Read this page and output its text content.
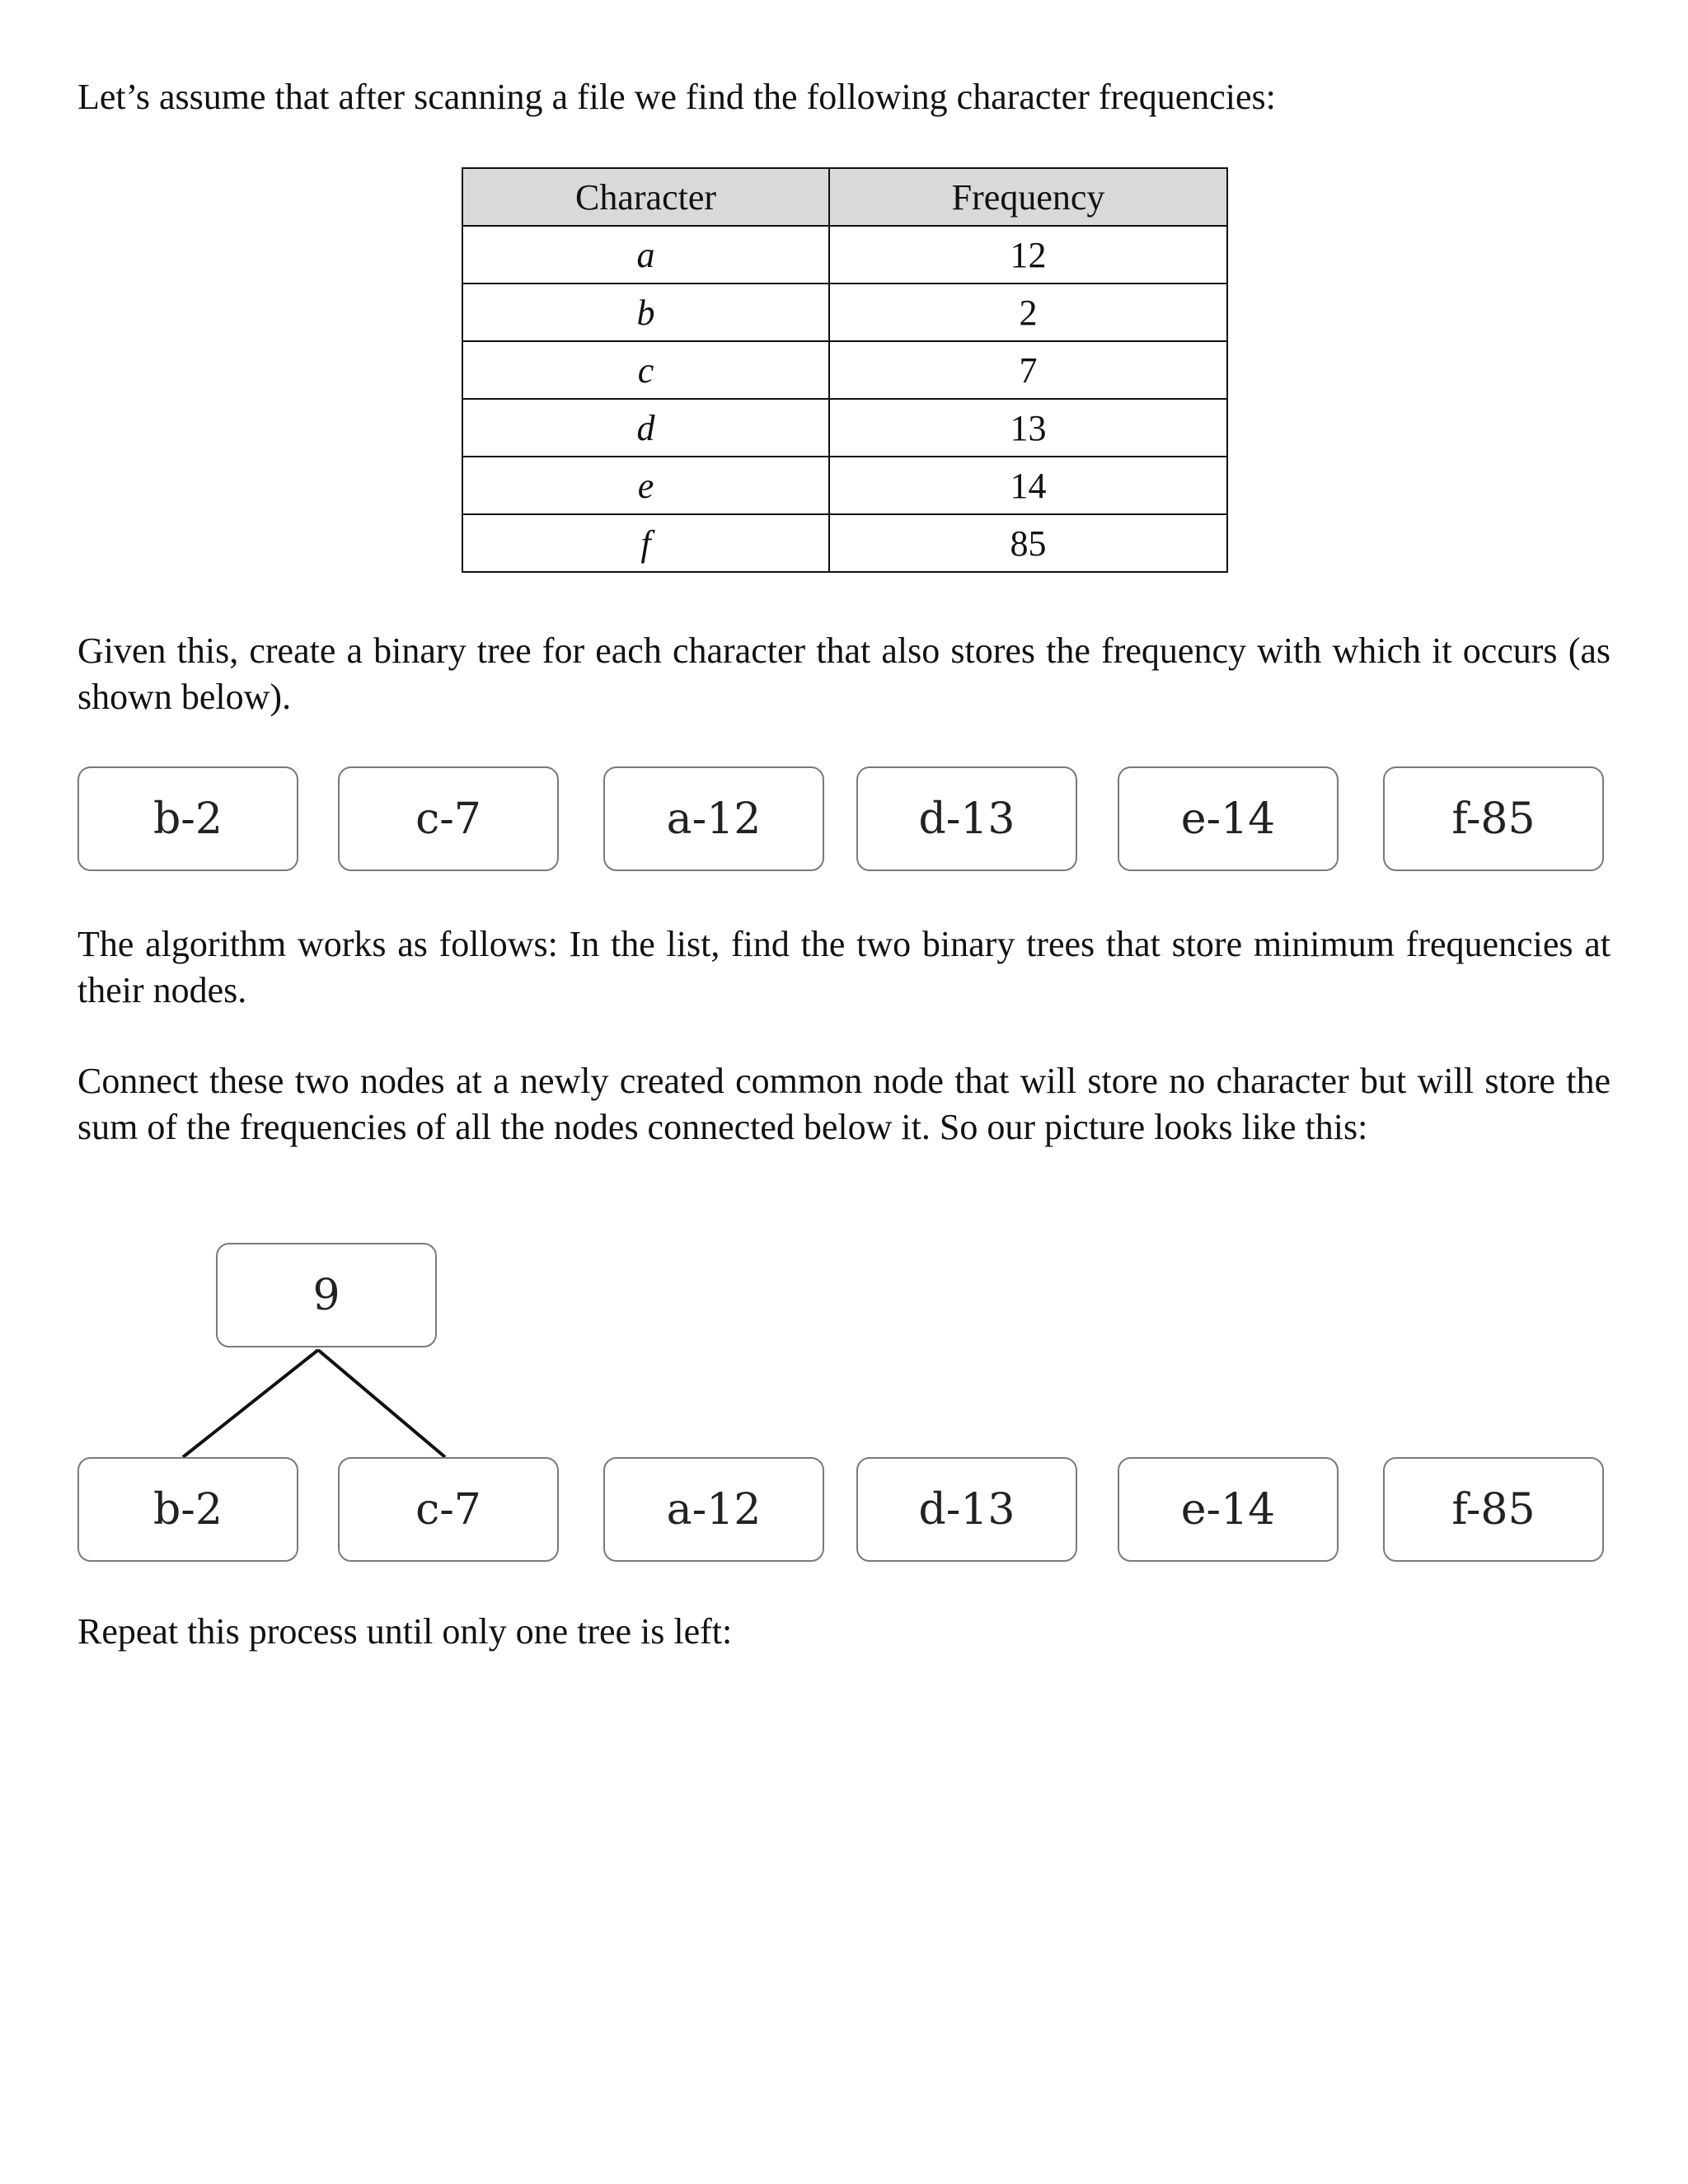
Let’s assume that after scanning a file we find the following character frequencies:

Character	Frequency
a	12
b	2
c	7
d	13
e	14
f	85

Given this, create a binary tree for each character that also stores the frequency with which it occurs (as shown below).

b-2	c-7	a-12	d-13	e-14	f-85

The algorithm works as follows: In the list, find the two binary trees that store minimum frequencies at their nodes.

Connect these two nodes at a newly created common node that will store no character but will store the sum of the frequencies of all the nodes connected below it. So our picture looks like this:

9
b-2	c-7	a-12	d-13	e-14	f-85

Repeat this process until only one tree is left:
